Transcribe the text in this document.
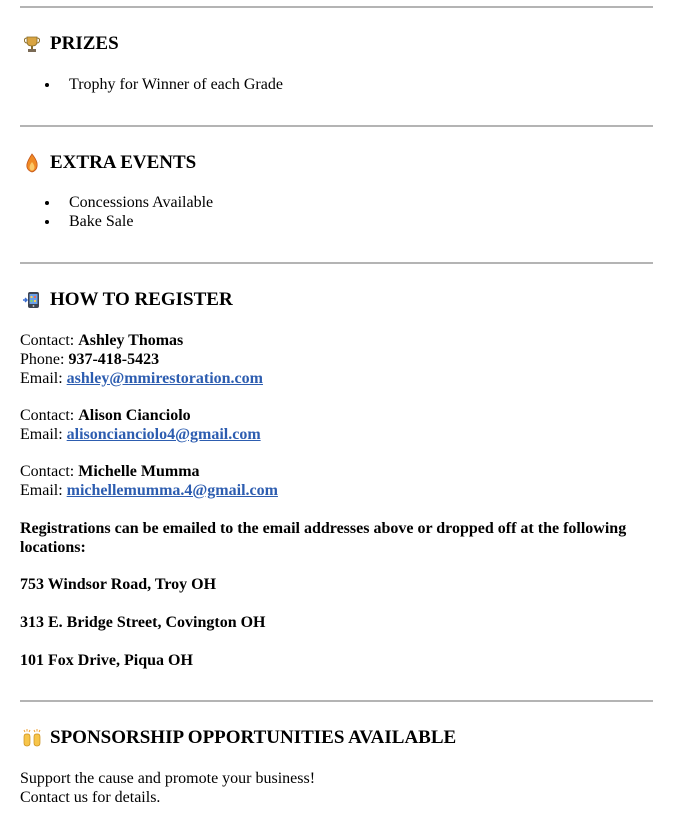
PRIZES
Trophy for Winner of each Grade
EXTRA EVENTS
Concessions Available
Bake Sale
HOW TO REGISTER
Contact: Ashley Thomas
Phone: 937-418-5423
Email: ashley@mmirestoration.com
Contact: Alison Cianciolo
Email: alisoncianciolo4@gmail.com
Contact: Michelle Mumma
Email: michellemumma.4@gmail.com
Registrations can be emailed to the email addresses above or dropped off at the following locations:
753 Windsor Road, Troy OH
313 E. Bridge Street, Covington OH
101 Fox Drive, Piqua OH
SPONSORSHIP OPPORTUNITIES AVAILABLE
Support the cause and promote your business!
Contact us for details.
